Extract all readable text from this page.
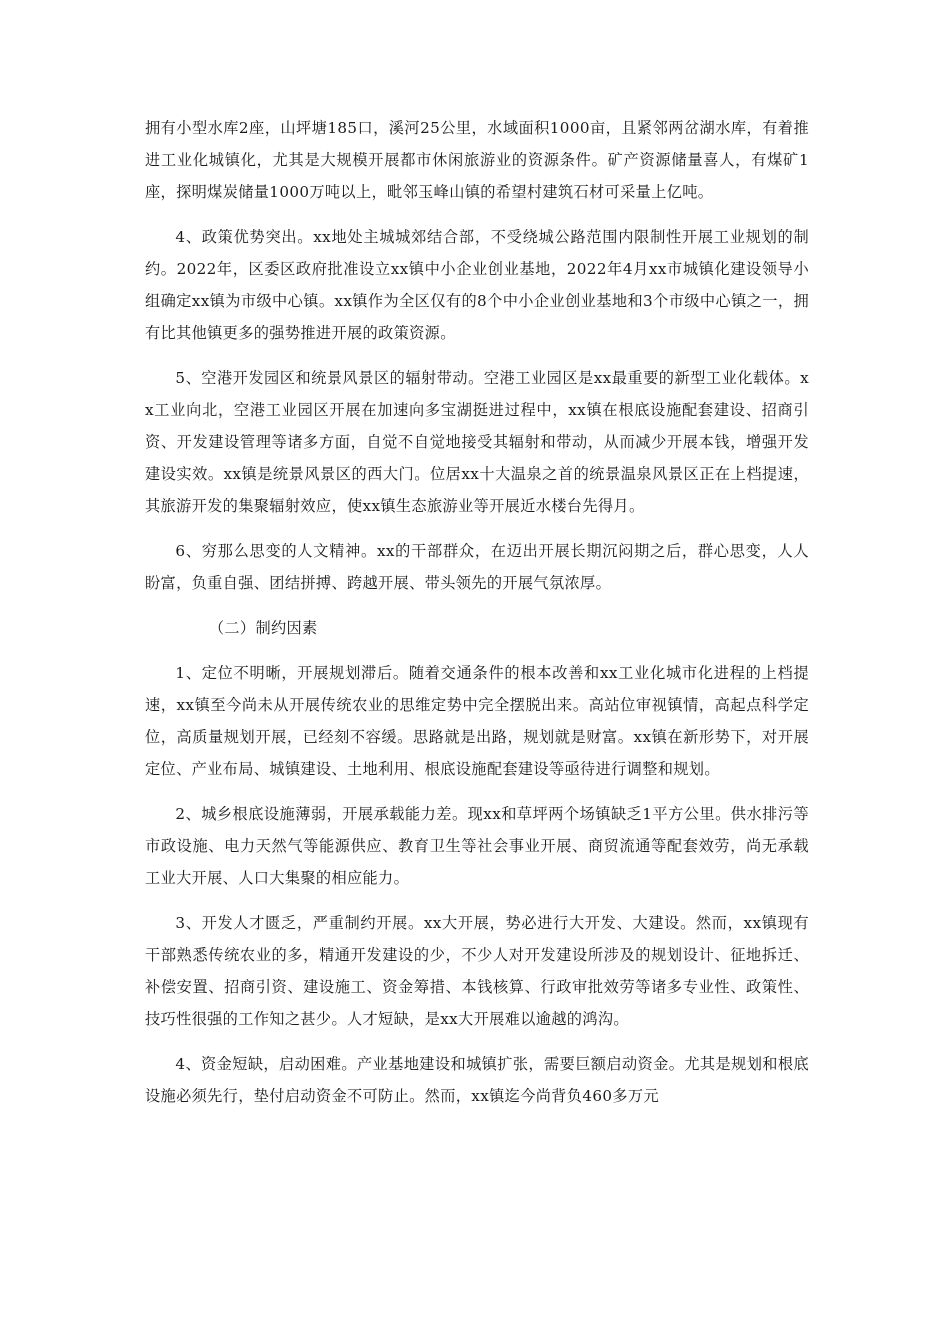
拥有小型水库2座，山坪塘185口，溪河25公里，水域面积1000亩，且紧邻两岔湖水库，有着推进工业化城镇化，尤其是大规模开展都市休闲旅游业的资源条件。矿产资源储量喜人，有煤矿1座，探明煤炭储量1000万吨以上，毗邻玉峰山镇的希望村建筑石材可采量上亿吨。

4、政策优势突出。xx地处主城城郊结合部，不受绕城公路范围内限制性开展工业规划的制约。2022年，区委区政府批准设立xx镇中小企业创业基地，2022年4月xx市城镇化建设领导小组确定xx镇为市级中心镇。xx镇作为全区仅有的8个中小企业创业基地和3个市级中心镇之一，拥有比其他镇更多的强势推进开展的政策资源。

5、空港开发园区和统景风景区的辐射带动。空港工业园区是xx最重要的新型工业化载体。xx工业向北，空港工业园区开展在加速向多宝湖挺进过程中，xx镇在根底设施配套建设、招商引资、开发建设管理等诸多方面，自觉不自觉地接受其辐射和带动，从而减少开展本钱，增强开发建设实效。xx镇是统景风景区的西大门。位居xx十大温泉之首的统景温泉风景区正在上档提速，其旅游开发的集聚辐射效应，使xx镇生态旅游业等开展近水楼台先得月。

6、穷那么思变的人文精神。xx的干部群众，在迈出开展长期沉闷期之后，群心思变，人人盼富，负重自强、团结拼搏、跨越开展、带头领先的开展气氛浓厚。

（二）制约因素

1、定位不明晰，开展规划滞后。随着交通条件的根本改善和xx工业化城市化进程的上档提速，xx镇至今尚未从开展传统农业的思维定势中完全摆脱出来。高站位审视镇情，高起点科学定位，高质量规划开展，已经刻不容缓。思路就是出路，规划就是财富。xx镇在新形势下，对开展定位、产业布局、城镇建设、土地利用、根底设施配套建设等亟待进行调整和规划。

2、城乡根底设施薄弱，开展承载能力差。现xx和草坪两个场镇缺乏1平方公里。供水排污等市政设施、电力天然气等能源供应、教育卫生等社会事业开展、商贸流通等配套效劳，尚无承载工业大开展、人口大集聚的相应能力。

3、开发人才匮乏，严重制约开展。xx大开展，势必进行大开发、大建设。然而，xx镇现有干部熟悉传统农业的多，精通开发建设的少，不少人对开发建设所涉及的规划设计、征地拆迁、补偿安置、招商引资、建设施工、资金筹措、本钱核算、行政审批效劳等诸多专业性、政策性、技巧性很强的工作知之甚少。人才短缺，是xx大开展难以逾越的鸿沟。

4、资金短缺，启动困难。产业基地建设和城镇扩张，需要巨额启动资金。尤其是规划和根底设施必须先行，垫付启动资金不可防止。然而，xx镇迄今尚背负460多万元
